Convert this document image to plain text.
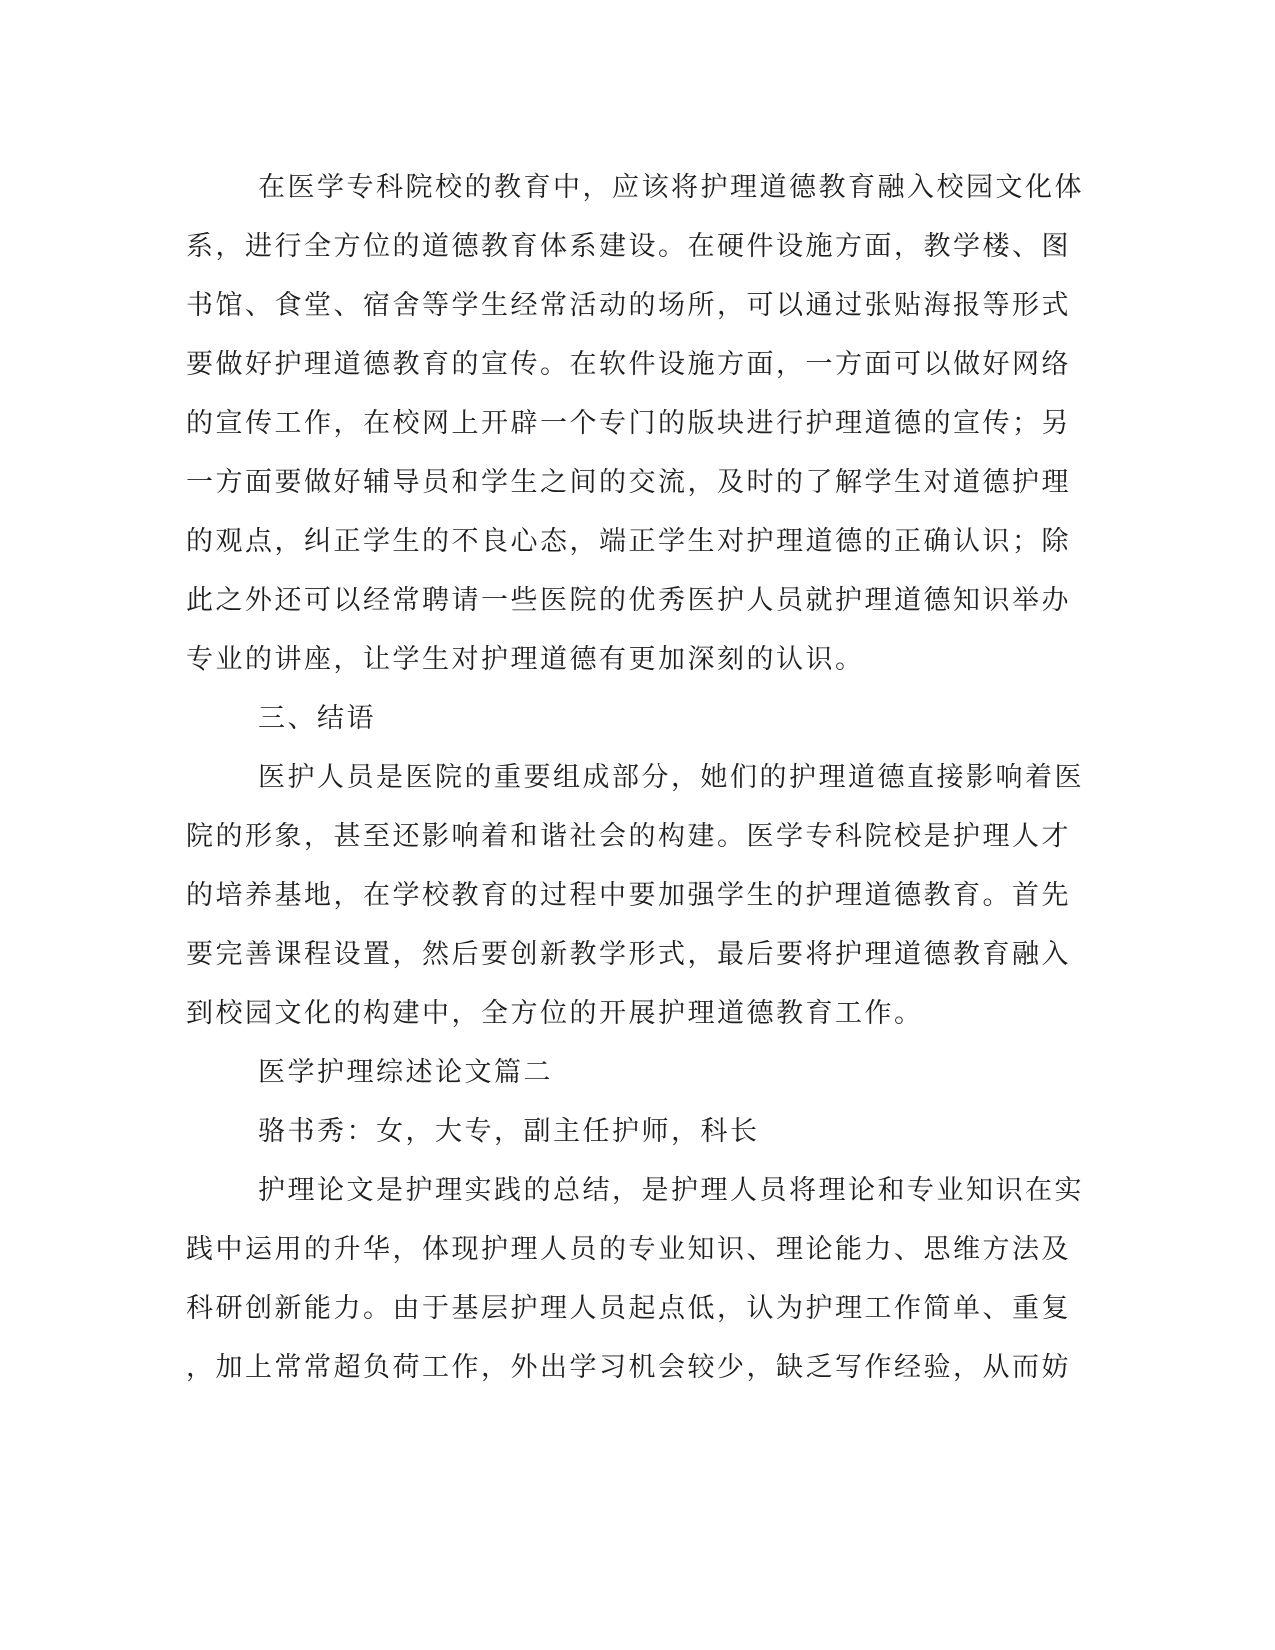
在医学专科院校的教育中，应该将护理道德教育融入校园文化体
系，进行全方位的道德教育体系建设。在硬件设施方面，教学楼、图
书馆、食堂、宿舍等学生经常活动的场所，可以通过张贴海报等形式
要做好护理道德教育的宣传。在软件设施方面，一方面可以做好网络
的宣传工作，在校网上开辟一个专门的版块进行护理道德的宣传；另
一方面要做好辅导员和学生之间的交流，及时的了解学生对道德护理
的观点，纠正学生的不良心态，端正学生对护理道德的正确认识；除
此之外还可以经常聘请一些医院的优秀医护人员就护理道德知识举办
专业的讲座，让学生对护理道德有更加深刻的认识。
三、结语
医护人员是医院的重要组成部分，她们的护理道德直接影响着医
院的形象，甚至还影响着和谐社会的构建。医学专科院校是护理人才
的培养基地，在学校教育的过程中要加强学生的护理道德教育。首先
要完善课程设置，然后要创新教学形式，最后要将护理道德教育融入
到校园文化的构建中，全方位的开展护理道德教育工作。
医学护理综述论文篇二
骆书秀：女，大专，副主任护师，科长
护理论文是护理实践的总结，是护理人员将理论和专业知识在实
践中运用的升华，体现护理人员的专业知识、理论能力、思维方法及
科研创新能力。由于基层护理人员起点低，认为护理工作简单、重复
，加上常常超负荷工作，外出学习机会较少，缺乏写作经验，从而妨
